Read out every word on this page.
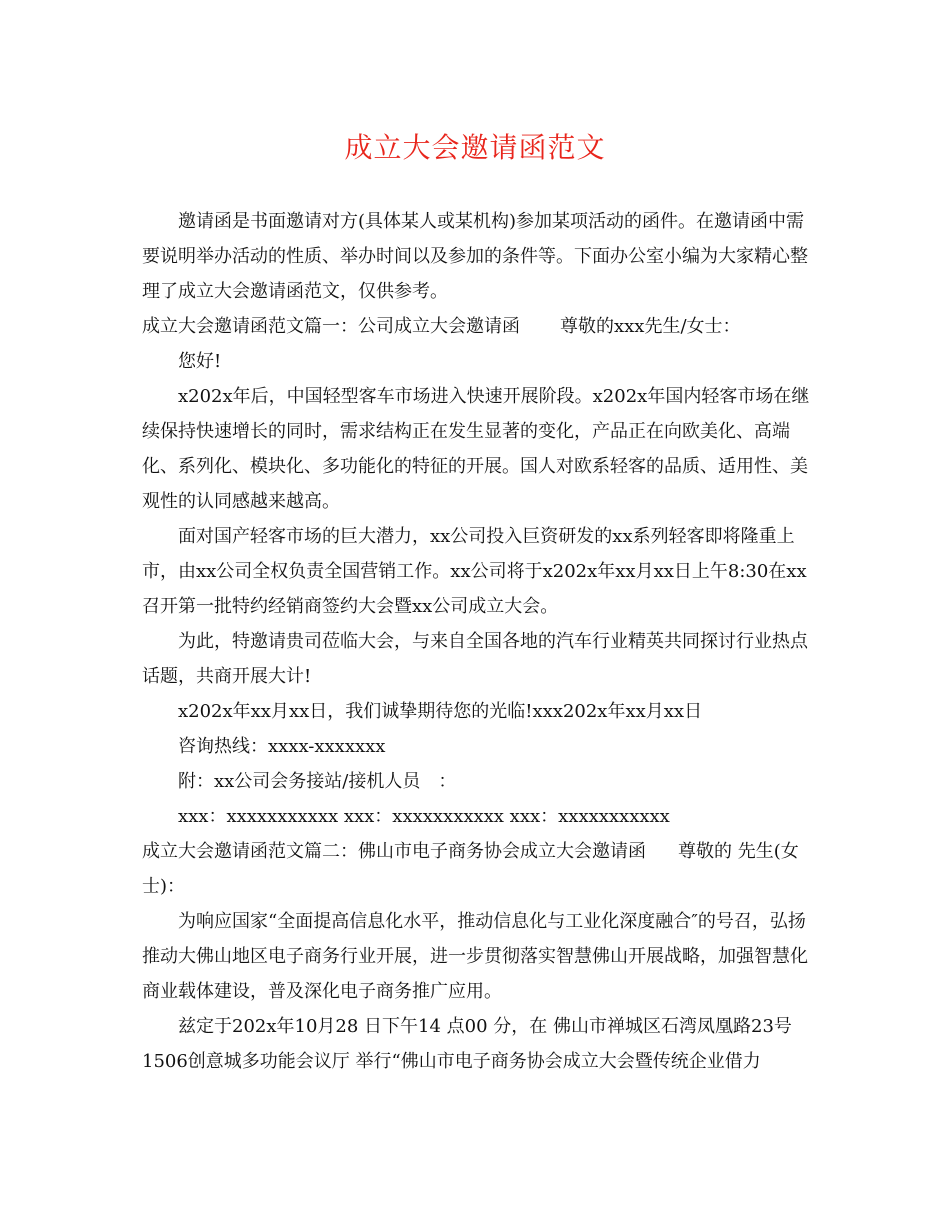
成立大会邀请函范文

邀请函是书面邀请对方(具体某人或某机构)参加某项活动的函件。在邀请函中需要说明举办活动的性质、举办时间以及参加的条件等。下面办公室小编为大家精心整理了成立大会邀请函范文，仅供参考。

成立大会邀请函范文篇一：公司成立大会邀请函 尊敬的xxx先生/女士：

您好!

x202x年后，中国轻型客车市场进入快速开展阶段。x202x年国内轻客市场在继续保持快速增长的同时，需求结构正在发生显著的变化，产品正在向欧美化、高端化、系列化、模块化、多功能化的特征的开展。国人对欧系轻客的品质、适用性、美观性的认同感越来越高。

面对国产轻客市场的巨大潜力，xx公司投入巨资研发的xx系列轻客即将隆重上市，由xx公司全权负责全国营销工作。xx公司将于x202x年xx月xx日上午8:30在xx召开第一批特约经销商签约大会暨xx公司成立大会。

为此，特邀请贵司莅临大会，与来自全国各地的汽车行业精英共同探讨行业热点话题，共商开展大计!

x202x年xx月xx日，我们诚挚期待您的光临!xxx202x年xx月xx日

咨询热线：xxxx-xxxxxxx

附：xx公司会务接站/接机人员　：

xxx：xxxxxxxxxxx xxx：xxxxxxxxxxx xxx：xxxxxxxxxxx

成立大会邀请函范文篇二：佛山市电子商务协会成立大会邀请函 尊敬的 先生(女士)：

为响应国家“全面提高信息化水平，推动信息化与工业化深度融合″的号召，弘扬推动大佛山地区电子商务行业开展，进一步贯彻落实智慧佛山开展战略，加强智慧化商业载体建设，普及深化电子商务推广应用。

兹定于202x年10月28 日下午14 点00 分，在 佛山市禅城区石湾凤凰路23号1506创意城多功能会议厅 举行“佛山市电子商务协会成立大会暨传统企业借力
